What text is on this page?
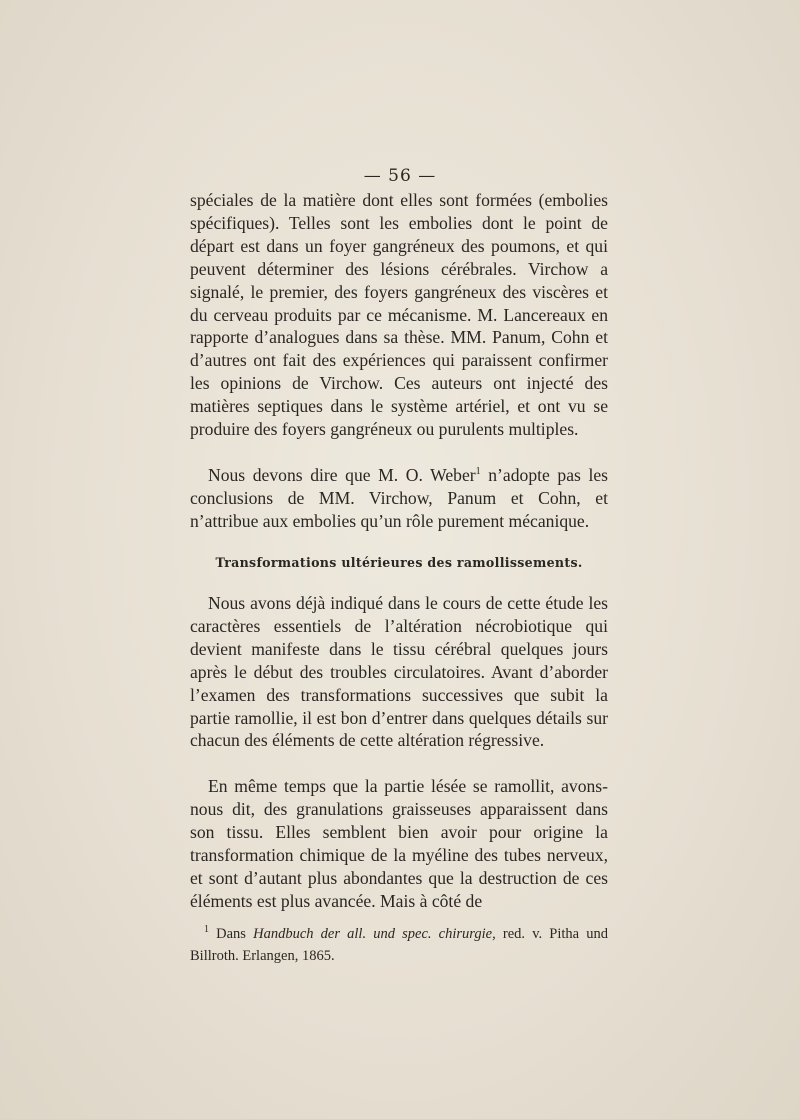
— 56 —

spéciales de la matière dont elles sont formées (embolies spécifiques). Telles sont les embolies dont le point de départ est dans un foyer gangréneux des poumons, et qui peuvent déterminer des lésions cérébrales. Virchow a signalé, le premier, des foyers gangréneux des viscères et du cerveau produits par ce mécanisme. M. Lancereaux en rapporte d’analogues dans sa thèse. MM. Panum, Cohn et d’autres ont fait des expériences qui paraissent confirmer les opinions de Virchow. Ces auteurs ont injecté des matières septiques dans le système artériel, et ont vu se produire des foyers gangréneux ou purulents multiples.

Nous devons dire que M. O. Weber$^1$ n’adopte pas les conclusions de MM. Virchow, Panum et Cohn, et n’attribue aux embolies qu’un rôle purement mécanique.

Transformations ultérieures des ramollissements.

Nous avons déjà indiqué dans le cours de cette étude les caractères essentiels de l’altération nécrobiotique qui devient manifeste dans le tissu cérébral quelques jours après le début des troubles circulatoires. Avant d’aborder l’examen des transformations successives que subit la partie ramollie, il est bon d’entrer dans quelques détails sur chacun des éléments de cette altération régressive.

En même temps que la partie lésée se ramollit, avons-nous dit, des granulations graisseuses apparaissent dans son tissu. Elles semblent bien avoir pour origine la transformation chimique de la myéline des tubes nerveux, et sont d’autant plus abondantes que la destruction de ces éléments est plus avancée. Mais à côté de

$^1$ Dans Handbuch der all. und spec. chirurgie, red. v. Pitha und Billroth. Erlangen, 1865.
